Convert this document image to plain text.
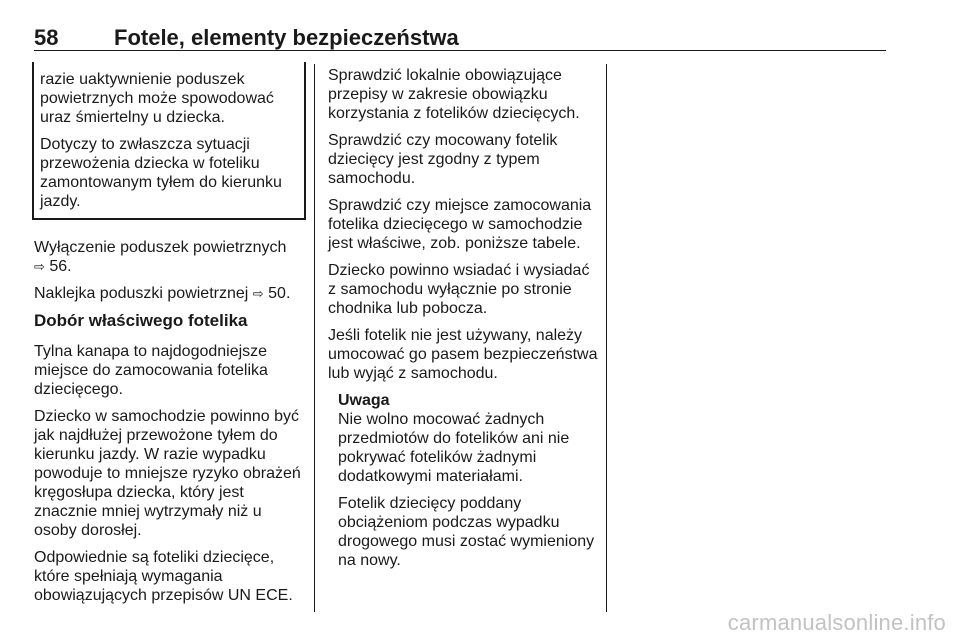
58	Fotele, elementy bezpieczeństwa

razie uaktywnienie poduszek powietrznych może spowodować uraz śmiertelny u dziecka.

Dotyczy to zwłaszcza sytuacji przewożenia dziecka w foteliku zamontowanym tyłem do kierunku jazdy.

Wyłączenie poduszek powietrznych
⇨ 56.

Naklejka poduszki powietrznej ⇨ 50.

Dobór właściwego fotelika

Tylna kanapa to najdogodniejsze miejsce do zamocowania fotelika dziecięcego.

Dziecko w samochodzie powinno być jak najdłużej przewożone tyłem do kierunku jazdy. W razie wypadku powoduje to mniejsze ryzyko obrażeń kręgosłupa dziecka, który jest znacznie mniej wytrzymały niż u osoby dorosłej.

Odpowiednie są foteliki dziecięce, które spełniają wymagania obowiązujących przepisów UN ECE.

Sprawdzić lokalnie obowiązujące przepisy w zakresie obowiązku korzystania z fotelików dziecięcych.

Sprawdzić czy mocowany fotelik dziecięcy jest zgodny z typem samochodu.

Sprawdzić czy miejsce zamocowania fotelika dziecięcego w samochodzie jest właściwe, zob. poniższe tabele.

Dziecko powinno wsiadać i wysiadać z samochodu wyłącznie po stronie chodnika lub pobocza.

Jeśli fotelik nie jest używany, należy umocować go pasem bezpieczeństwa lub wyjąć z samochodu.

Uwaga

Nie wolno mocować żadnych przedmiotów do fotelików ani nie pokrywać fotelików żadnymi dodatkowymi materiałami.

Fotelik dziecięcy poddany obciążeniom podczas wypadku drogowego musi zostać wymieniony na nowy.

carmanualsonline.info
